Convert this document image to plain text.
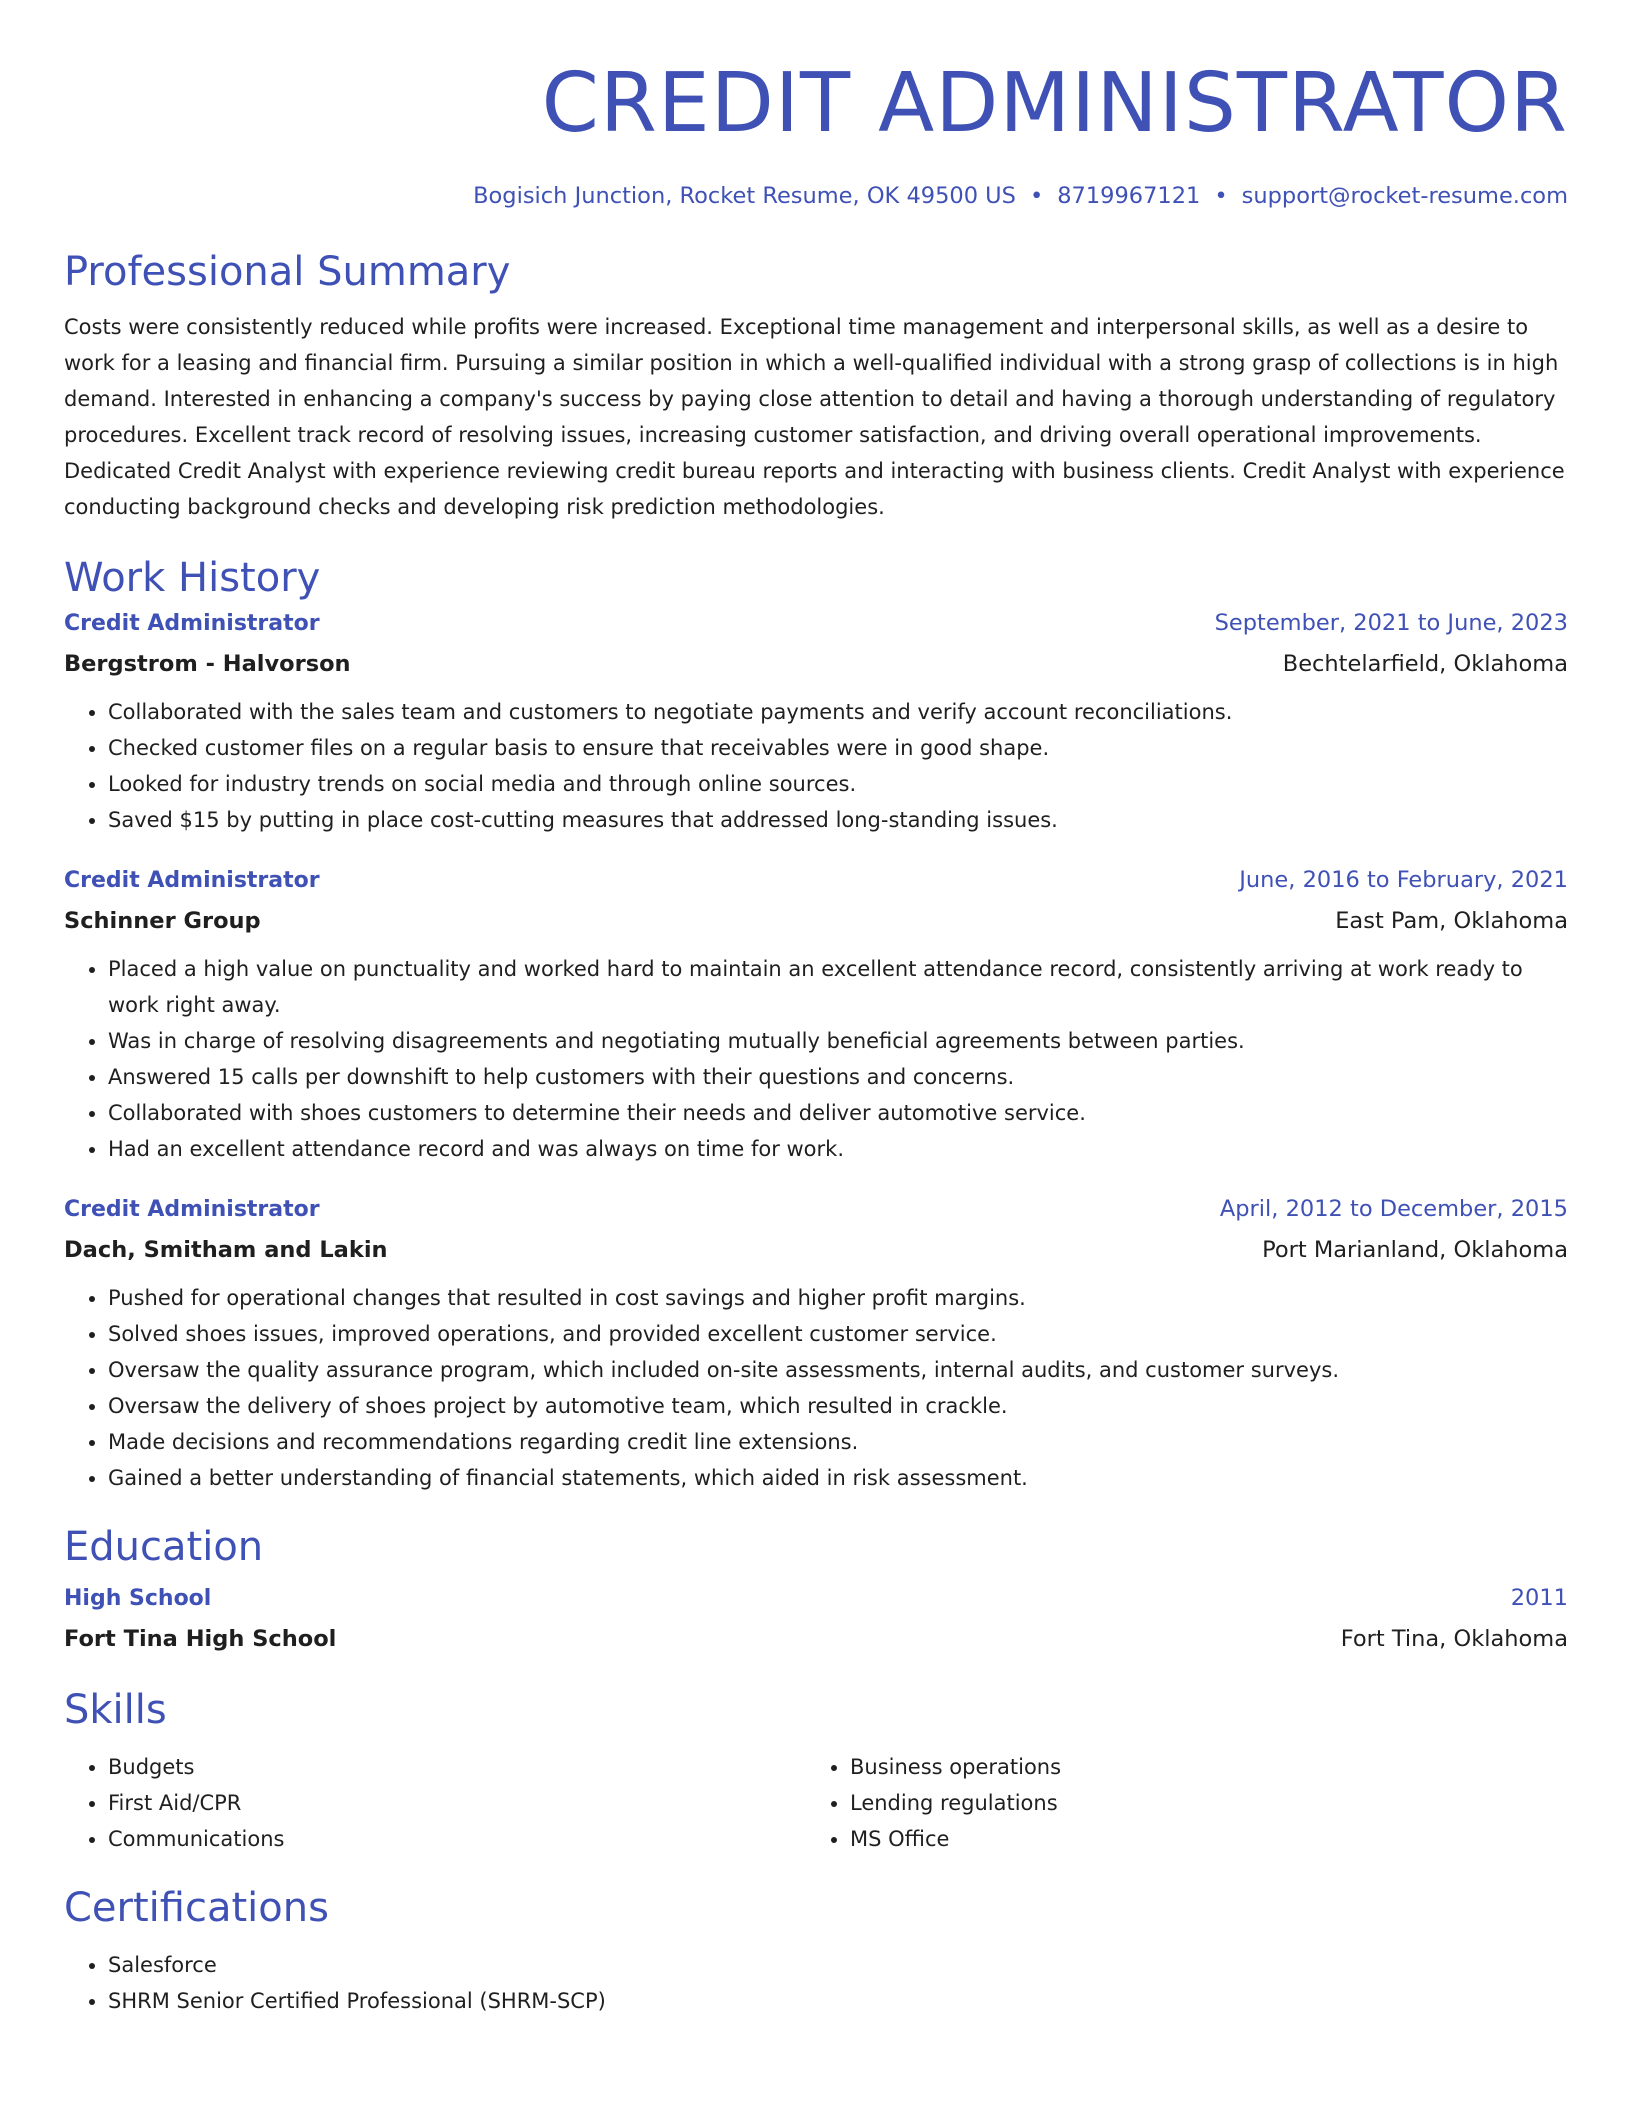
CREDIT ADMINISTRATOR
Bogisich Junction, Rocket Resume, OK 49500 US • 8719967121 • support@rocket-resume.com
Professional Summary

Costs were consistently reduced while profits were increased. Exceptional time management and interpersonal skills, as well as a desire to work for a leasing and financial firm. Pursuing a similar position in which a well-qualified individual with a strong grasp of collections is in high demand. Interested in enhancing a company's success by paying close attention to detail and having a thorough understanding of regulatory procedures. Excellent track record of resolving issues, increasing customer satisfaction, and driving overall operational improvements. Dedicated Credit Analyst with experience reviewing credit bureau reports and interacting with business clients. Credit Analyst with experience conducting background checks and developing risk prediction methodologies.

Work History
Credit Administrator	September, 2021 to June, 2023
Bergstrom - Halvorson	Bechtelarfield, Oklahoma
• Collaborated with the sales team and customers to negotiate payments and verify account reconciliations.
• Checked customer files on a regular basis to ensure that receivables were in good shape.
• Looked for industry trends on social media and through online sources.
• Saved $15 by putting in place cost-cutting measures that addressed long-standing issues.
Credit Administrator	June, 2016 to February, 2021
Schinner Group	East Pam, Oklahoma
• Placed a high value on punctuality and worked hard to maintain an excellent attendance record, consistently arriving at work ready to work right away.
• Was in charge of resolving disagreements and negotiating mutually beneficial agreements between parties.
• Answered 15 calls per downshift to help customers with their questions and concerns.
• Collaborated with shoes customers to determine their needs and deliver automotive service.
• Had an excellent attendance record and was always on time for work.
Credit Administrator	April, 2012 to December, 2015
Dach, Smitham and Lakin	Port Marianland, Oklahoma
• Pushed for operational changes that resulted in cost savings and higher profit margins.
• Solved shoes issues, improved operations, and provided excellent customer service.
• Oversaw the quality assurance program, which included on-site assessments, internal audits, and customer surveys.
• Oversaw the delivery of shoes project by automotive team, which resulted in crackle.
• Made decisions and recommendations regarding credit line extensions.
• Gained a better understanding of financial statements, which aided in risk assessment.
Education
High School	2011
Fort Tina High School	Fort Tina, Oklahoma
Skills
• Budgets
• First Aid/CPR
• Communications
• Business operations
• Lending regulations
• MS Office
Certifications
• Salesforce
• SHRM Senior Certified Professional (SHRM-SCP)
